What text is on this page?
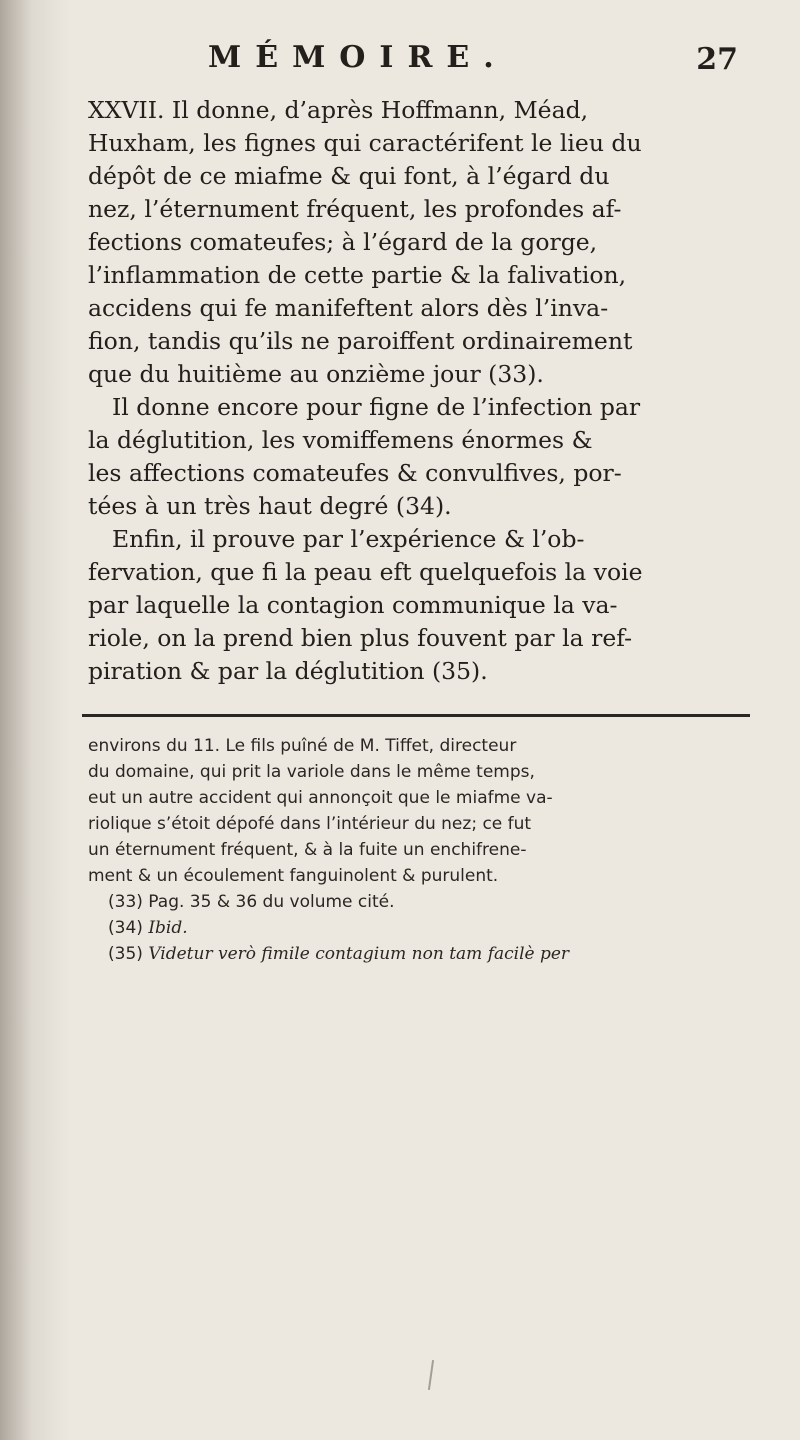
MÉMOIRE.	27

XXVII. Il donne, d’après Hoffmann, Méad,
Huxham, les fignes qui caractérifent le lieu du
dépôt de ce miafme & qui font, à l’égard du
nez, l’éternument fréquent, les profondes af-
fections comateufes; à l’égard de la gorge,
l’inflammation de cette partie & la falivation,
accidens qui fe manifeftent alors dès l’inva-
fion, tandis qu’ils ne paroiffent ordinairement
que du huitième au onzième jour (33).

Il donne encore pour figne de l’infection par
la déglutition, les vomiffemens énormes &
les affections comateufes & convulfives, por-
tées à un très haut degré (34).

Enfin, il prouve par l’expérience & l’ob-
fervation, que fi la peau eft quelquefois la voie
par laquelle la contagion communique la va-
riole, on la prend bien plus fouvent par la ref-
piration & par la déglutition (35).

environs du 11. Le fils puîné de M. Tiffet, directeur
du domaine, qui prit la variole dans le même temps,
eut un autre accident qui annonçoit que le miafme va-
riolique s’étoit dépofé dans l’intérieur du nez; ce fut
un éternument fréquent, & à la fuite un enchifrene-
ment & un écoulement fanguinolent & purulent.
(33) Pag. 35 & 36 du volume cité.
(34) Ibid.
(35) Videtur verò fimile contagium non tam facilè per
